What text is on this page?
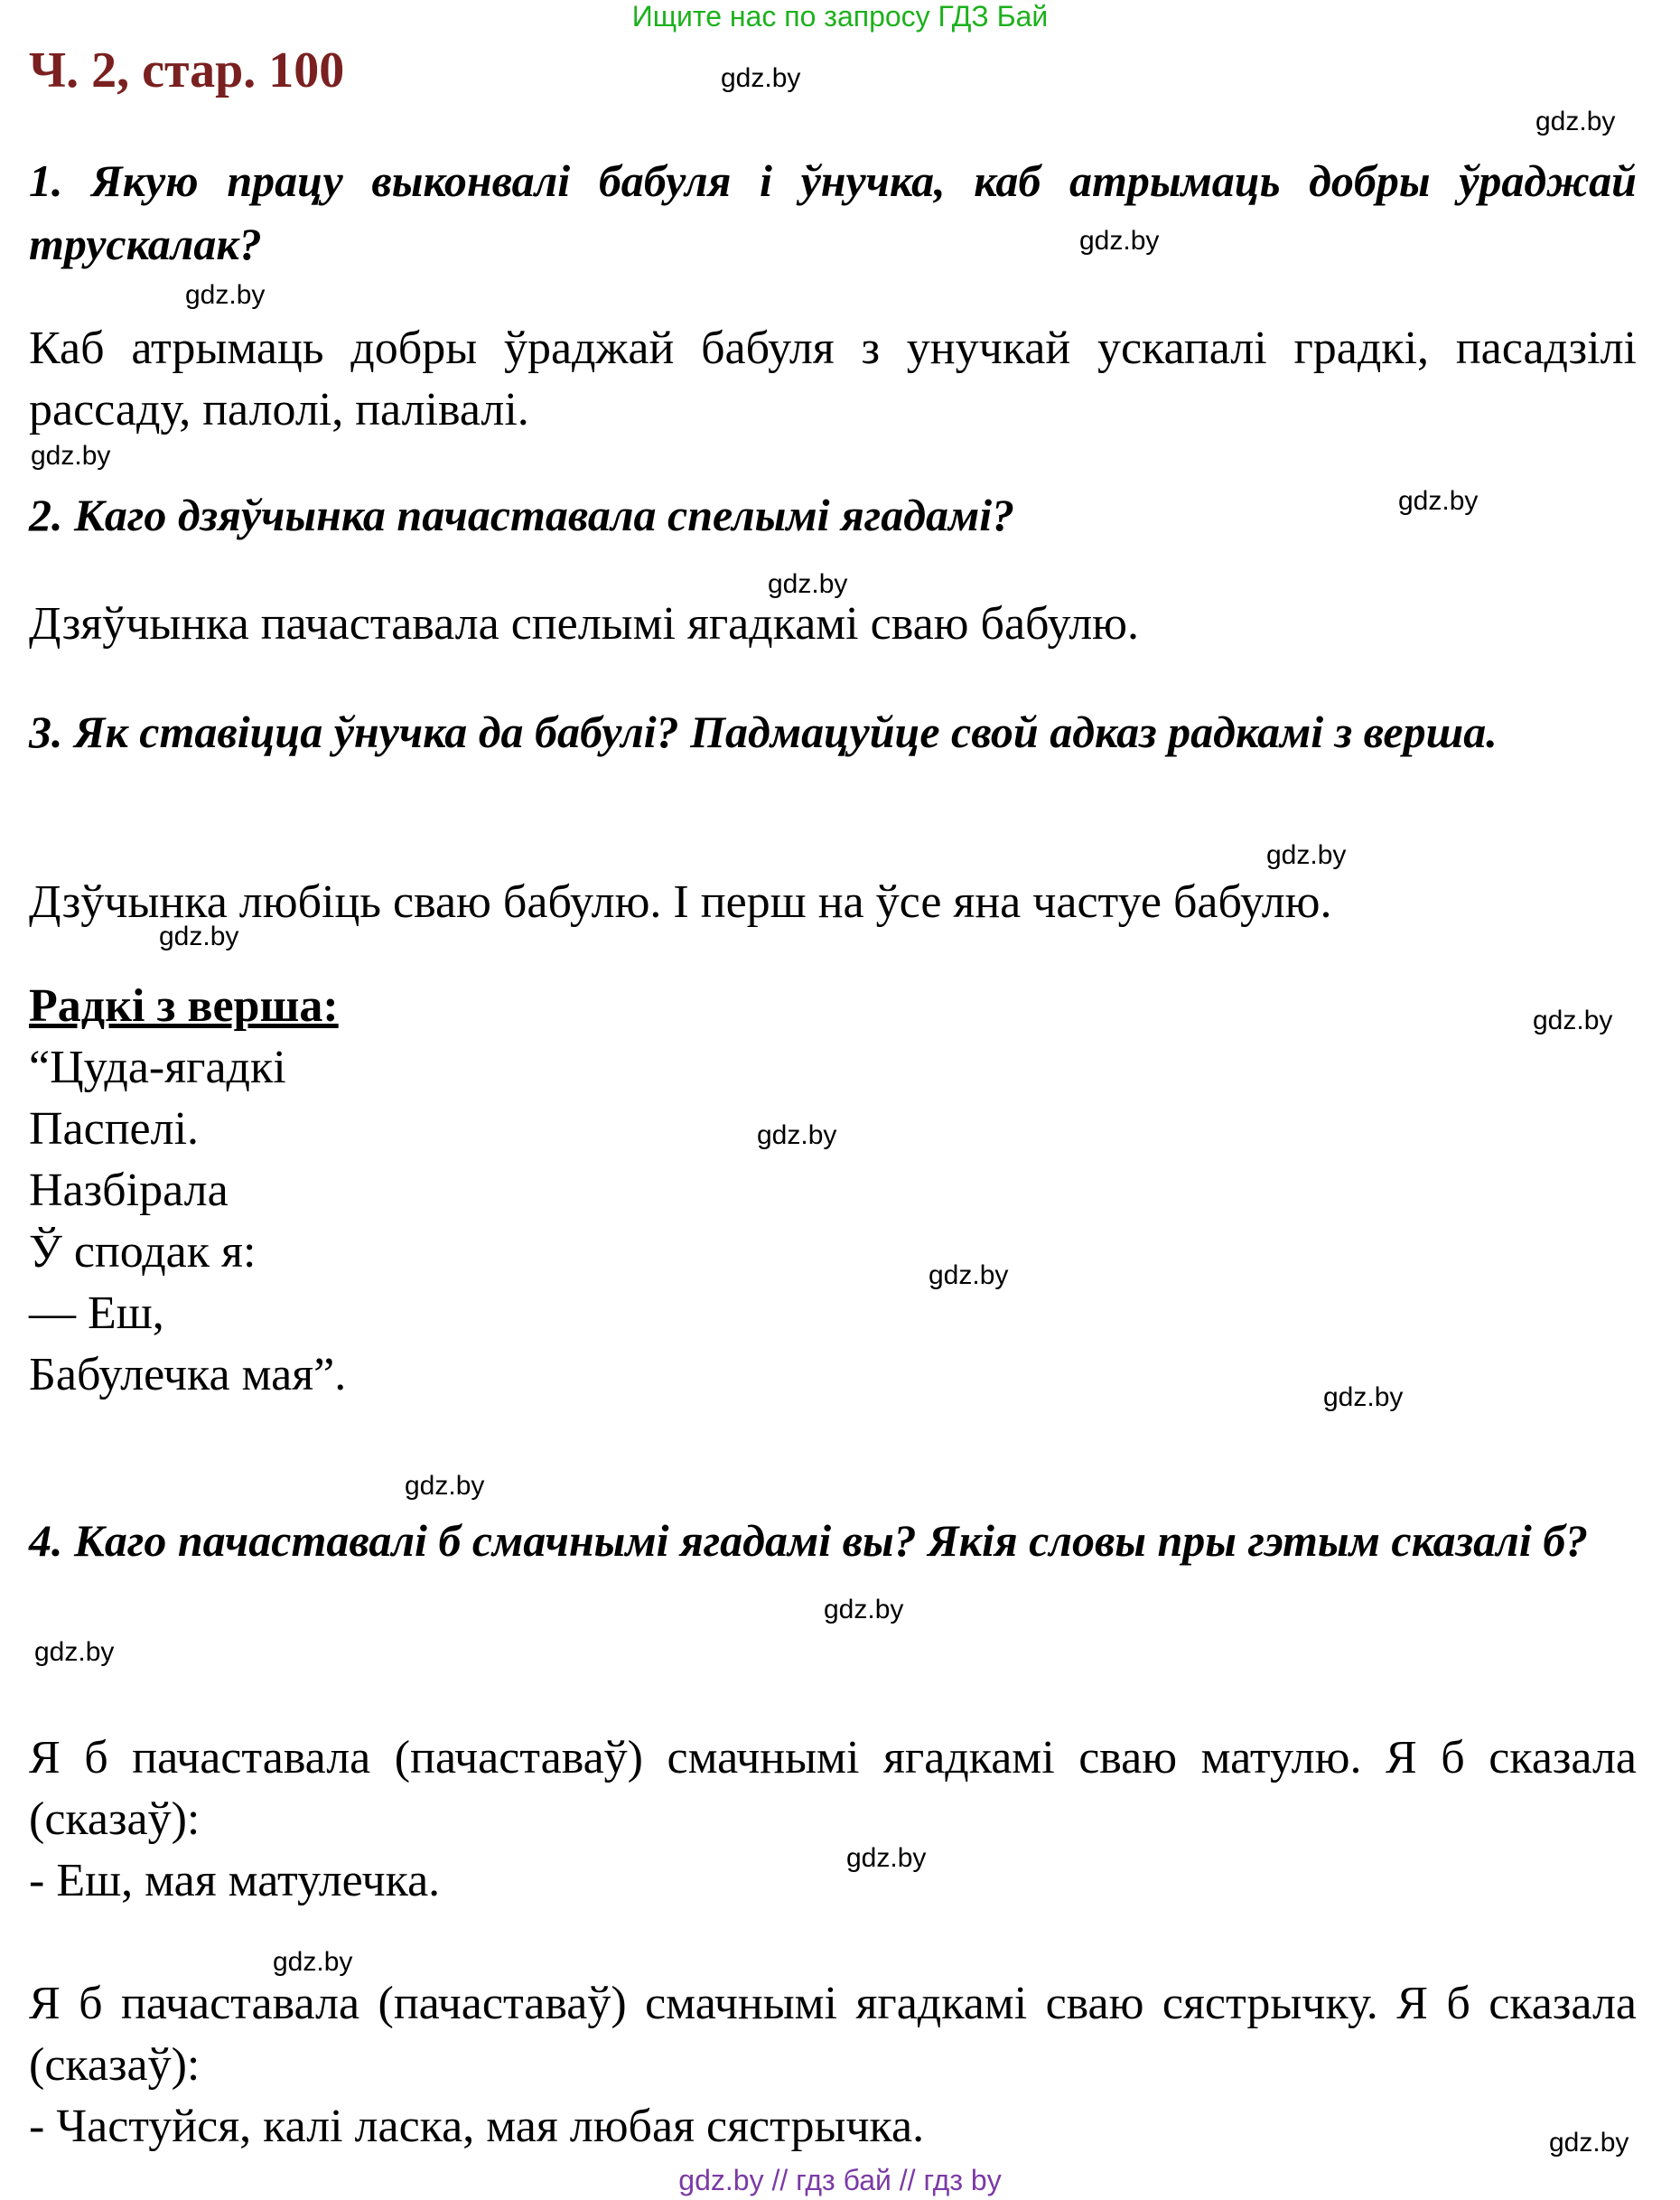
Ищите нас по запросу ГДЗ Бай
Ч. 2, стар. 100
1. Якую працу выконвалі бабуля і ўнучка, каб атрымаць добры ўраджай трускалак?
Каб атрымаць добры ўраджай бабуля з унучкай ускапалі градкі, пасадзілі рассаду, палолі, палівалі.
2. Каго дзяўчынка пачаставала спелымі ягадамі?
Дзяўчынка пачаставала спелымі ягадкамі сваю бабулю.
3. Як ставіцца ўнучка да бабулі? Падмацуйце свой адказ радкамі з верша.
Дзўчынка любіць сваю бабулю. І перш на ўсе яна частуе бабулю.
Радкі з верша:
“Цуда-ягадкі
Паспелі.
Назбірала
Ў сподак я:
— Еш,
Бабулечка мая”.
4. Каго пачаставалі б смачнымі ягадамі вы? Якія словы пры гэтым сказалі б?
Я б пачаставала (пачаставаў) смачнымі ягадкамі сваю матулю. Я б сказала (сказаў):
- Еш, мая матулечка.
Я б пачаставала (пачаставаў) смачнымі ягадкамі сваю сястрычку. Я б сказала (сказаў):
- Частуйся, калі ласка, мая любая сястрычка.
gdz.by
gdz.by
gdz.by
gdz.by
gdz.by
gdz.by
gdz.by
gdz.by
gdz.by
gdz.by
gdz.by
gdz.by
gdz.by
gdz.by
gdz.by
gdz.by
gdz.by
gdz.by
gdz.by
gdz.by // гдз бай // гдз by
